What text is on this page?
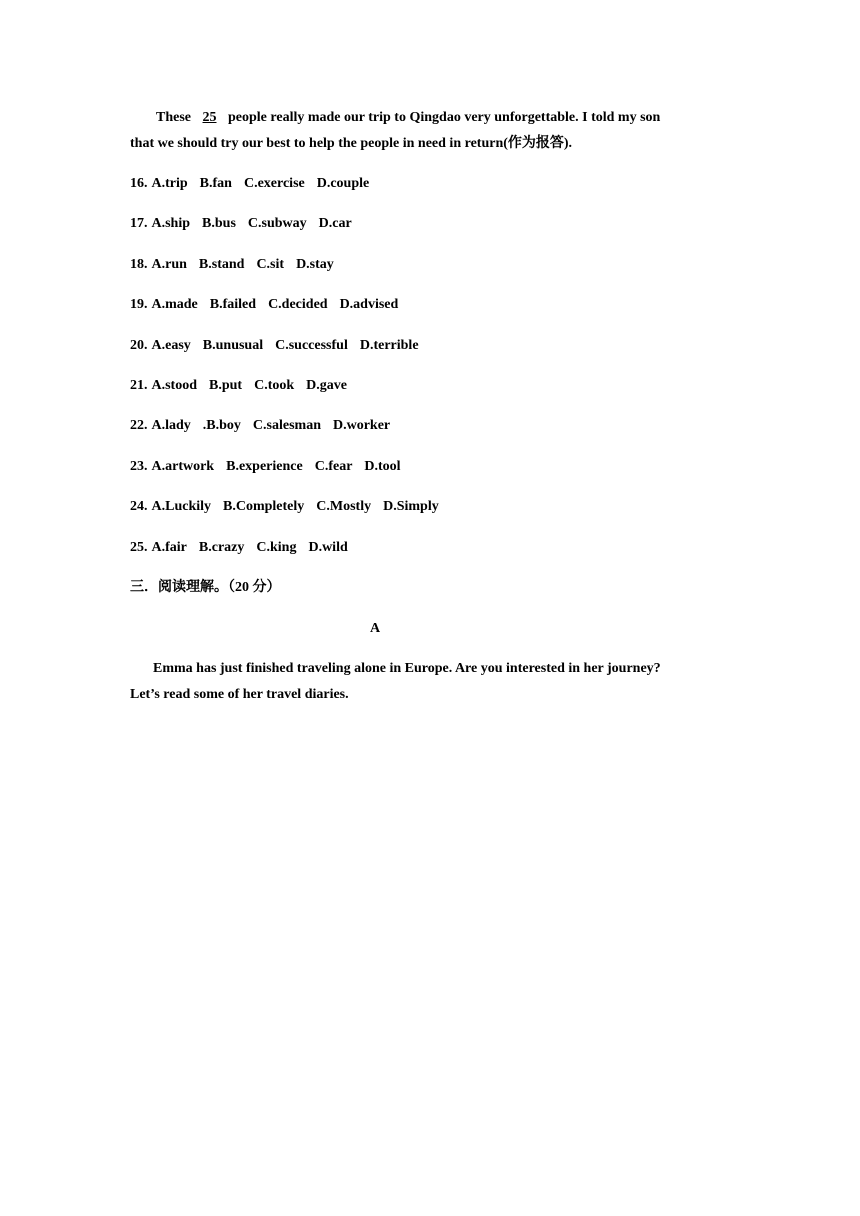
These 25 people really made our trip to Qingdao very unforgettable. I told my son
that we should try our best to help the people in need in return(作为报答).
16. A.trip B.fan C.exercise D.couple
17. A.ship B.bus C.subway D.car
18. A.run B.stand C.sit D.stay
19. A.made B.failed C.decided D.advised
20. A.easy B.unusual C.successful D.terrible
21. A.stood B.put C.took D.gave
22. A.lady .B.boy C.salesman D.worker
23. A.artwork B.experience C.fear D.tool
24. A.Luckily B.Completely C.Mostly D.Simply
25. A.fair B.crazy C.king D.wild
三．阅读理解。（20 分）
A
Emma has just finished traveling alone in Europe. Are you interested in her journey?
Let’s read some of her travel diaries.
